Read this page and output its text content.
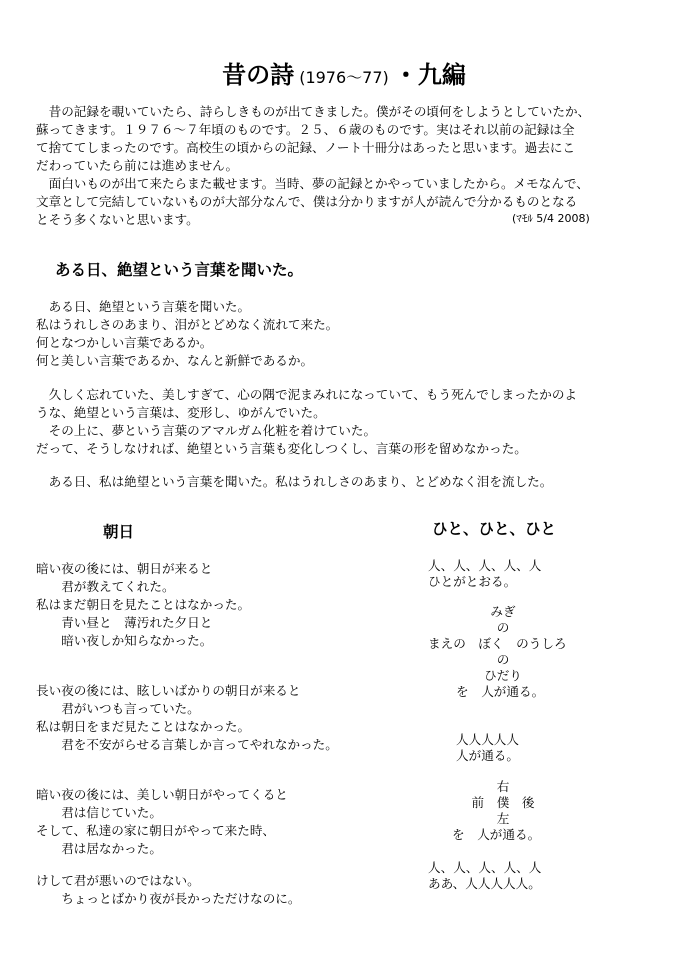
昔の詩 (1976～77) ・九編
　昔の記録を覗いていたら、詩らしきものが出てきました。僕がその頃何をしようとしていたか、
蘇ってきます。１９７６～７年頃のものです。２５、６歳のものです。実はそれ以前の記録は全
て捨ててしまったのです。高校生の頃からの記録、ノート十冊分はあったと思います。過去にこ
だわっていたら前には進めません。
　面白いものが出て来たらまた載せます。当時、夢の記録とかやっていましたから。メモなんで、
文章として完結していないものが大部分なんで、僕は分かりますが人が読んで分かるものとなる
とそう多くないと思います。	(ﾏﾓﾙ 5/4 2008)
ある日、絶望という言葉を聞いた。
　ある日、絶望という言葉を聞いた。
私はうれしさのあまり、泪がとどめなく流れて来た。
何となつかしい言葉であるか。
何と美しい言葉であるか、なんと新鮮であるか。
　久しく忘れていた、美しすぎて、心の隅で泥まみれになっていて、もう死んでしまったかのよ
うな、絶望という言葉は、変形し、ゆがんでいた。
　その上に、夢という言葉のアマルガム化粧を着けていた。
だって、そうしなければ、絶望という言葉も変化しつくし、言葉の形を留めなかった。
　ある日、私は絶望という言葉を聞いた。私はうれしさのあまり、とどめなく泪を流した。
朝日
暗い夜の後には、朝日が来ると
　　君が教えてくれた。
私はまだ朝日を見たことはなかった。
　　青い昼と　薄汚れた夕日と
　　暗い夜しか知らなかった。
長い夜の後には、眩しいばかりの朝日が来ると
　　君がいつも言っていた。
私は朝日をまだ見たことはなかった。
　　君を不安がらせる言葉しか言ってやれなかった。
暗い夜の後には、美しい朝日がやってくると
　　君は信じていた。
そして、私達の家に朝日がやって来た時、
　　君は居なかった。
けして君が悪いのではない。
　　ちょっとばかり夜が長かっただけなのに。
ひと、ひと、ひと
人、人、人、人、人
ひとがとおる。
みぎ
の
まえの　ぼく　のうしろ
の
ひだり
を　人が通る。
人人人人人
人が通る。
右
前　僕　後
左
を　人が通る。
人、人、人、人、人
ああ、人人人人人。
